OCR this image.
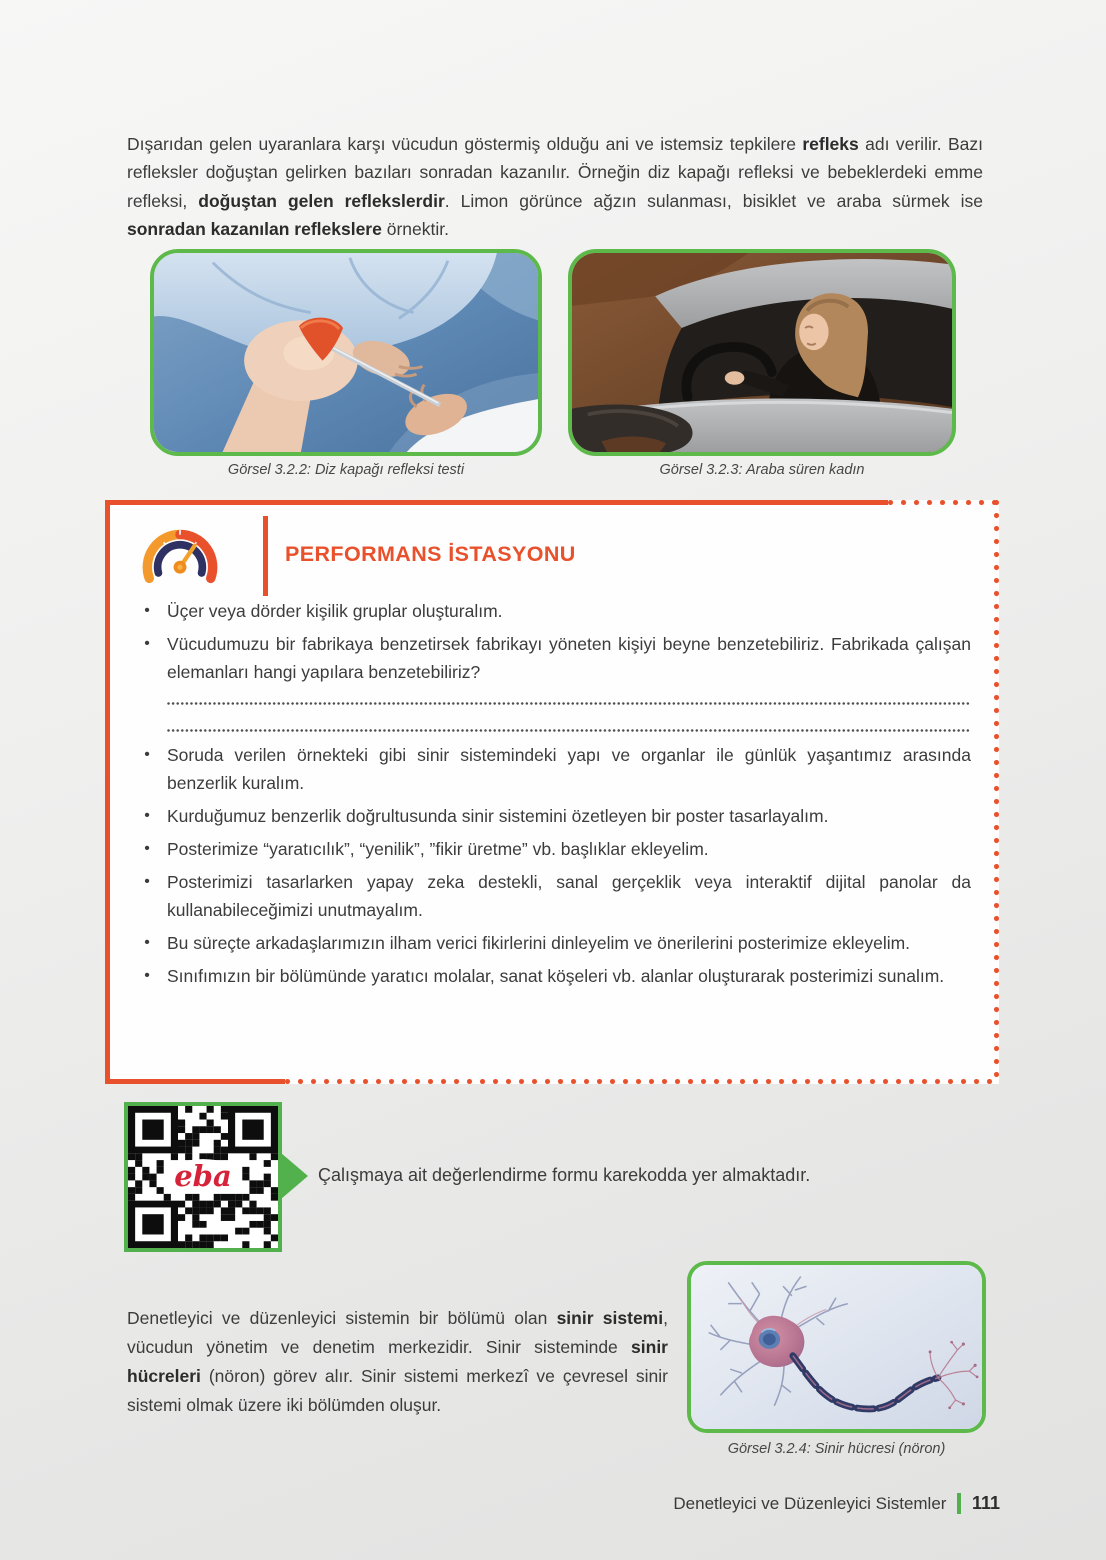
Dışarıdan gelen uyaranlara karşı vücudun göstermiş olduğu ani ve istemsiz tepkilere refleks adı verilir. Bazı refleksler doğuştan gelirken bazıları sonradan kazanılır. Örneğin diz kapağı refleksi ve bebeklerdeki emme refleksi, doğuştan gelen reflekslerdir. Limon görünce ağzın sulanması, bisiklet ve araba sürmek ise sonradan kazanılan reflekslere örnektir.

Görsel 3.2.2: Diz kapağı refleksi testi	Görsel 3.2.3: Araba süren kadın
PERFORMANS İSTASYONU
• Üçer veya dörder kişilik gruplar oluşturalım.
• Vücudumuzu bir fabrikaya benzetirsek fabrikayı yöneten kişiyi beyne benzetebiliriz. Fabrikada çalışan elemanları hangi yapılara benzetebiliriz?
• Soruda verilen örnekteki gibi sinir sistemindeki yapı ve organlar ile günlük yaşantımız arasında benzerlik kuralım.
• Kurduğumuz benzerlik doğrultusunda sinir sistemini özetleyen bir poster tasarlayalım.
• Posterimize “yaratıcılık”, “yenilik”, ”fikir üretme” vb. başlıklar ekleyelim.
• Posterimizi tasarlarken yapay zeka destekli, sanal gerçeklik veya interaktif dijital panolar da kullanabileceğimizi unutmayalım.
• Bu süreçte arkadaşlarımızın ilham verici fikirlerini dinleyelim ve önerilerini posterimize ekleyelim.
• Sınıfımızın bir bölümünde yaratıcı molalar, sanat köşeleri vb. alanlar oluşturarak posterimizi sunalım.
eba	Çalışmaya ait değerlendirme formu karekodda yer almaktadır.

Denetleyici ve düzenleyici sistemin bir bölümü olan sinir sistemi, vücudun yönetim ve denetim merkezidir. Sinir sisteminde sinir hücreleri (nöron) görev alır. Sinir sistemi merkezî ve çevresel sinir sistemi olmak üzere iki bölümden oluşur.

Görsel 3.2.4: Sinir hücresi (nöron)
Denetleyici ve Düzenleyici Sistemler 111
